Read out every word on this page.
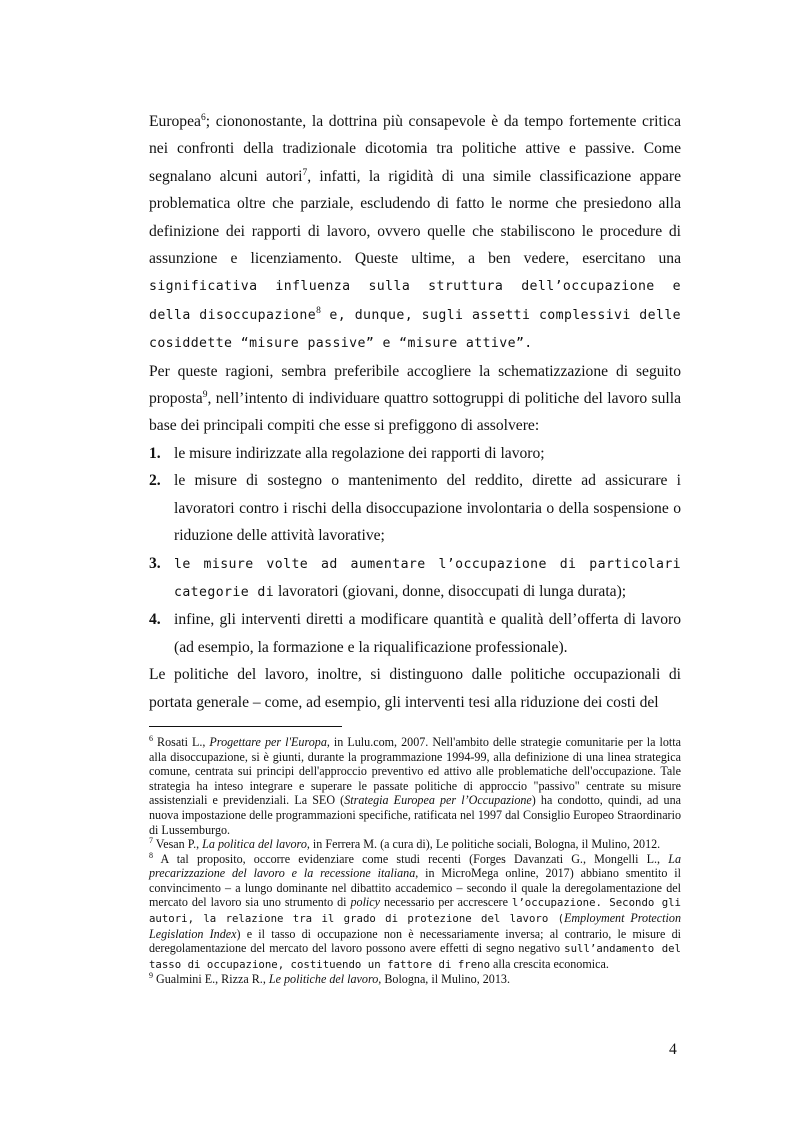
Europea$^6$; ciononostante, la dottrina più consapevole è da tempo fortemente critica nei confronti della tradizionale dicotomia tra politiche attive e passive. Come segnalano alcuni autori$^7$, infatti, la rigidità di una simile classificazione appare problematica oltre che parziale, escludendo di fatto le norme che presiedono alla definizione dei rapporti di lavoro, ovvero quelle che stabiliscono le procedure di assunzione e licenziamento. Queste ultime, a ben vedere, esercitano una significativa influenza sulla struttura dell’occupazione e della disoccupazione$^8$ e, dunque, sugli assetti complessivi delle cosiddette “misure passive” e “misure attive”.

Per queste ragioni, sembra preferibile accogliere la schematizzazione di seguito proposta$^9$, nell’intento di individuare quattro sottogruppi di politiche del lavoro sulla base dei principali compiti che esse si prefiggono di assolvere:

1. le misure indirizzate alla regolazione dei rapporti di lavoro;
2. le misure di sostegno o mantenimento del reddito, dirette ad assicurare i lavoratori contro i rischi della disoccupazione involontaria o della sospensione o riduzione delle attività lavorative;
3. le misure volte ad aumentare l’occupazione di particolari categorie di lavoratori (giovani, donne, disoccupati di lunga durata);
4. infine, gli interventi diretti a modificare quantità e qualità dell’offerta di lavoro (ad esempio, la formazione e la riqualificazione professionale).

Le politiche del lavoro, inoltre, si distinguono dalle politiche occupazionali di portata generale – come, ad esempio, gli interventi tesi alla riduzione dei costi del

$^6$ Rosati L., Progettare per l'Europa, in Lulu.com, 2007. Nell'ambito delle strategie comunitarie per la lotta alla disoccupazione, si è giunti, durante la programmazione 1994-99, alla definizione di una linea strategica comune, centrata sui principi dell'approccio preventivo ed attivo alle problematiche dell'occupazione. Tale strategia ha inteso integrare e superare le passate politiche di approccio "passivo" centrate su misure assistenziali e previdenziali. La SEO (Strategia Europea per l’Occupazione) ha condotto, quindi, ad una nuova impostazione delle programmazioni specifiche, ratificata nel 1997 dal Consiglio Europeo Straordinario di Lussemburgo.

$^7$ Vesan P., La politica del lavoro, in Ferrera M. (a cura di), Le politiche sociali, Bologna, il Mulino, 2012.

$^8$ A tal proposito, occorre evidenziare come studi recenti (Forges Davanzati G., Mongelli L., La precarizzazione del lavoro e la recessione italiana, in MicroMega online, 2017) abbiano smentito il convincimento – a lungo dominante nel dibattito accademico – secondo il quale la deregolamentazione del mercato del lavoro sia uno strumento di policy necessario per accrescere l’occupazione. Secondo gli autori, la relazione tra il grado di protezione del lavoro (Employment Protection Legislation Index) e il tasso di occupazione non è necessariamente inversa; al contrario, le misure di deregolamentazione del mercato del lavoro possono avere effetti di segno negativo sull’andamento del tasso di occupazione, costituendo un fattore di freno alla crescita economica.

$^9$ Gualmini E., Rizza R., Le politiche del lavoro, Bologna, il Mulino, 2013.

4
